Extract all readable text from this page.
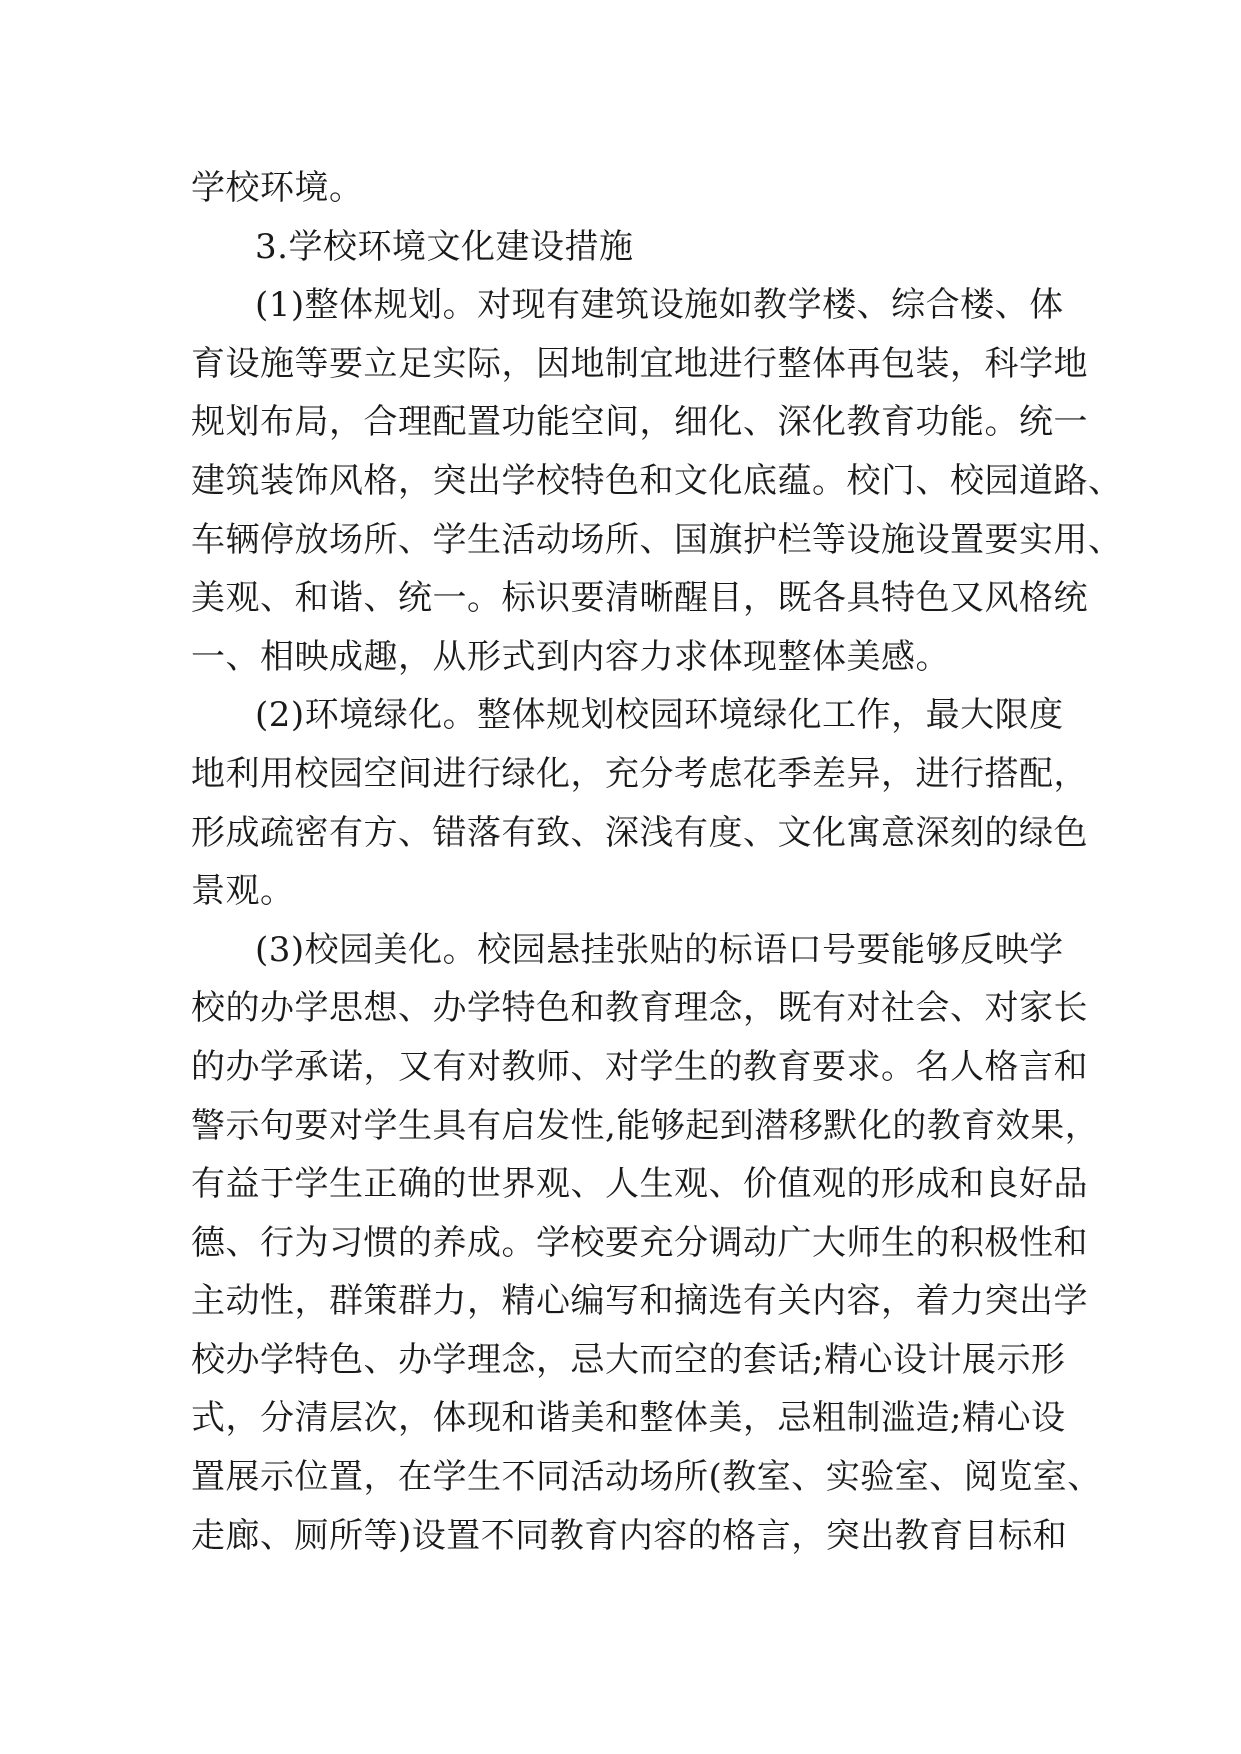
学校环境。
3.学校环境文化建设措施
(1)整体规划。对现有建筑设施如教学楼、综合楼、体
育设施等要立足实际，因地制宜地进行整体再包装，科学地
规划布局，合理配置功能空间，细化、深化教育功能。统一
建筑装饰风格，突出学校特色和文化底蕴。校门、校园道路、
车辆停放场所、学生活动场所、国旗护栏等设施设置要实用、
美观、和谐、统一。标识要清晰醒目，既各具特色又风格统
一、相映成趣，从形式到内容力求体现整体美感。
(2)环境绿化。整体规划校园环境绿化工作，最大限度
地利用校园空间进行绿化，充分考虑花季差异，进行搭配，
形成疏密有方、错落有致、深浅有度、文化寓意深刻的绿色
景观。
(3)校园美化。校园悬挂张贴的标语口号要能够反映学
校的办学思想、办学特色和教育理念，既有对社会、对家长
的办学承诺，又有对教师、对学生的教育要求。名人格言和
警示句要对学生具有启发性,能够起到潜移默化的教育效果，
有益于学生正确的世界观、人生观、价值观的形成和良好品
德、行为习惯的养成。学校要充分调动广大师生的积极性和
主动性，群策群力，精心编写和摘选有关内容，着力突出学
校办学特色、办学理念，忌大而空的套话;精心设计展示形
式，分清层次，体现和谐美和整体美，忌粗制滥造;精心设
置展示位置，在学生不同活动场所(教室、实验室、阅览室、
走廊、厕所等)设置不同教育内容的格言，突出教育目标和
